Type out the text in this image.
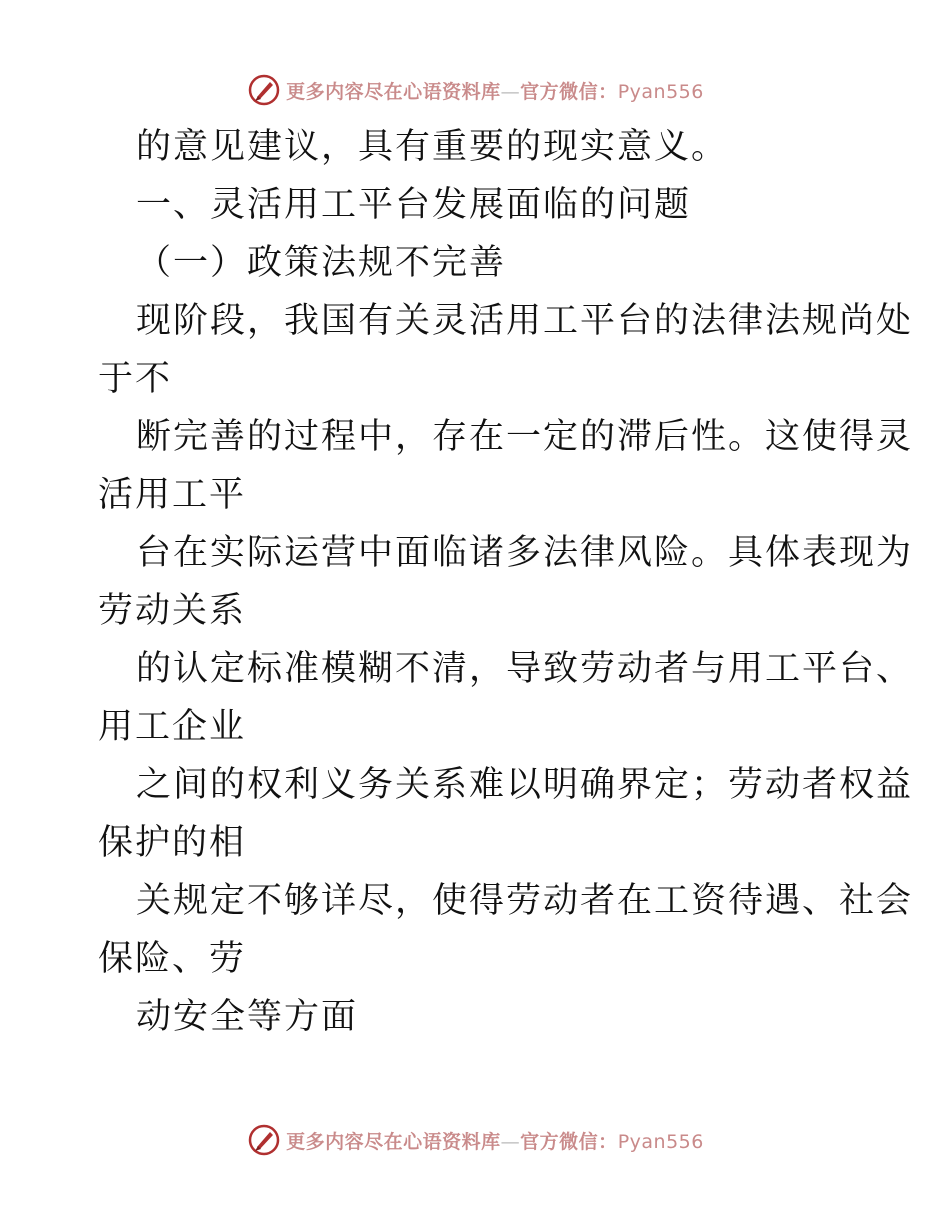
更多内容尽在心语资料库—官方微信：Pyan556
的意见建议，具有重要的现实意义。
一、灵活用工平台发展面临的问题
（一）政策法规不完善
现阶段，我国有关灵活用工平台的法律法规尚处
于不
断完善的过程中，存在一定的滞后性。这使得灵
活用工平
台在实际运营中面临诸多法律风险。具体表现为
劳动关系
的认定标准模糊不清，导致劳动者与用工平台、
用工企业
之间的权利义务关系难以明确界定；劳动者权益
保护的相
关规定不够详尽，使得劳动者在工资待遇、社会
保险、劳
动安全等方面
更多内容尽在心语资料库—官方微信：Pyan556
